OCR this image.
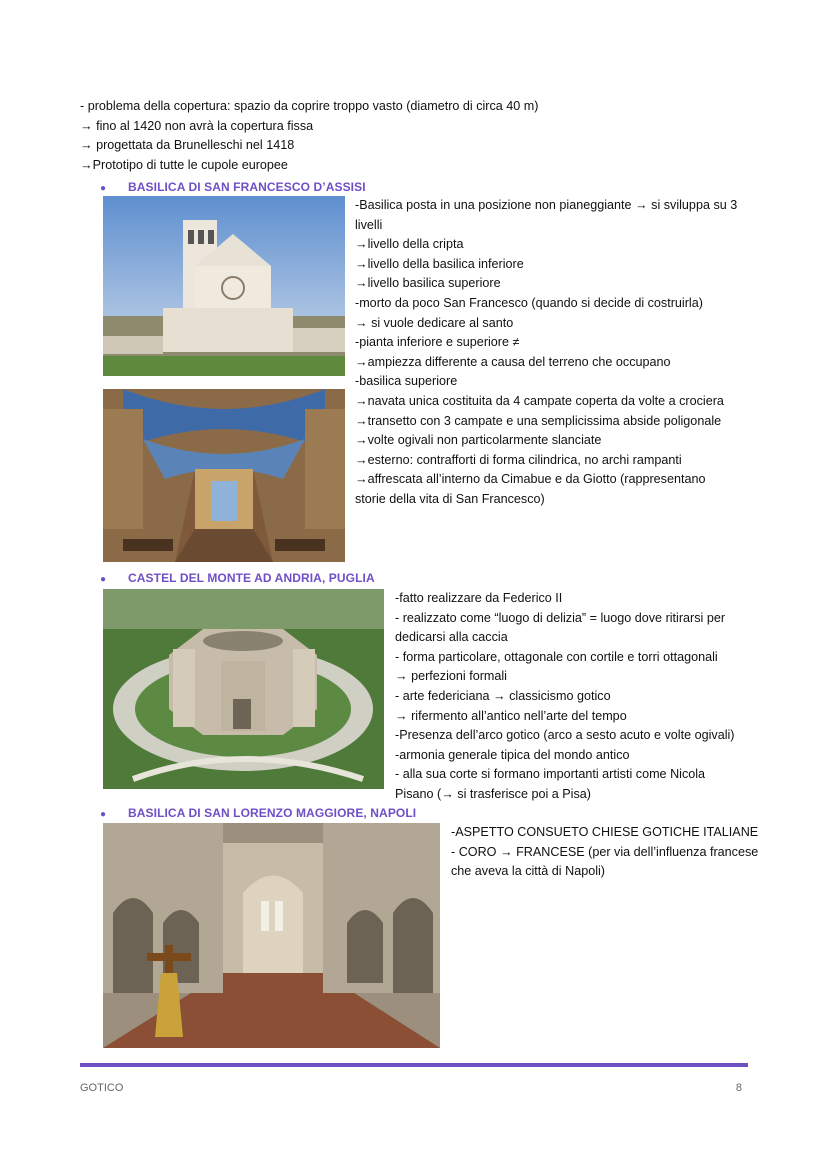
- problema della copertura: spazio da coprire troppo vasto (diametro di circa 40 m)
→ fino al 1420 non avrà la copertura fissa
→ progettata da Brunelleschi nel 1418
→Prototipo di tutte le cupole europee
● BASILICA DI SAN FRANCESCO D’ASSISI
-Basilica posta in una posizione non pianeggiante → si sviluppa su 3
livelli
→livello della cripta
→livello della basilica inferiore
→livello basilica superiore
-morto da poco San Francesco (quando si decide di costruirla)
→ si vuole dedicare al santo
-pianta inferiore e superiore ≠
→ampiezza differente a causa del terreno che occupano
-basilica superiore
→navata unica costituita da 4 campate coperta da volte a crociera
→transetto con 3 campate e una semplicissima abside poligonale
→volte ogivali non particolarmente slanciate
→esterno: contrafforti di forma cilindrica, no archi rampanti
→affrescata all’interno da Cimabue e da Giotto (rappresentano
storie della vita di San Francesco)
● CASTEL DEL MONTE AD ANDRIA, PUGLIA
-fatto realizzare da Federico II
- realizzato come “luogo di delizia” = luogo dove ritirarsi per
dedicarsi alla caccia
- forma particolare, ottagonale con cortile e torri ottagonali
→ perfezioni formali
- arte federiciana → classicismo gotico
→ rifermento all’antico nell’arte del tempo
-Presenza dell’arco gotico (arco a sesto acuto e volte ogivali)
-armonia generale tipica del mondo antico
- alla sua corte si formano importanti artisti come Nicola
Pisano (→ si trasferisce poi a Pisa)
● BASILICA DI SAN LORENZO MAGGIORE, NAPOLI
-ASPETTO CONSUETO CHIESE GOTICHE ITALIANE
- CORO → FRANCESE (per via dell’influenza francese
che aveva la città di Napoli)
GOTICO	8
